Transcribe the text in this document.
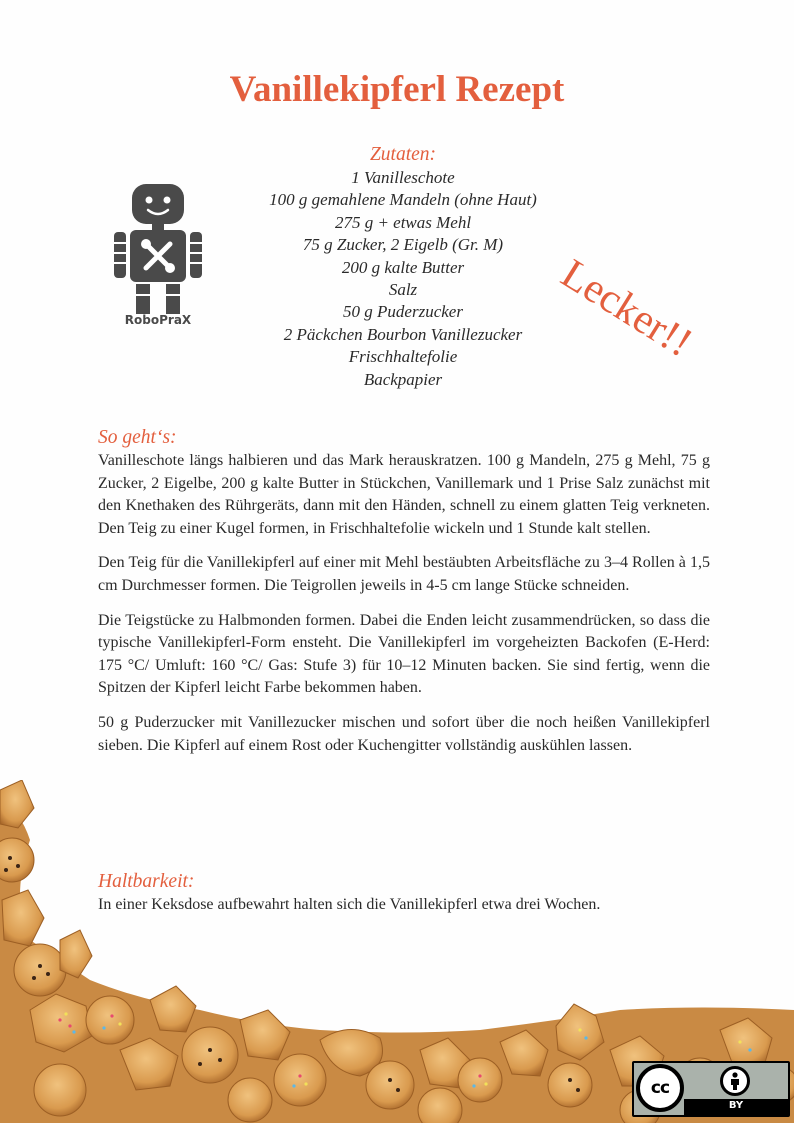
Vanillekipferl Rezept
RoboPraX
Zutaten:
1 Vanilleschote
100 g gemahlene Mandeln (ohne Haut)
275 g + etwas Mehl
75 g Zucker, 2 Eigelb (Gr. M)
200 g kalte Butter
Salz
50 g Puderzucker
2 Päckchen Bourbon Vanillezucker
Frischhaltefolie
Backpapier
Lecker!!
So geht‘s:

Vanilleschote längs halbieren und das Mark herauskratzen. 100 g Mandeln, 275 g Mehl, 75 g Zucker, 2 Eigelbe, 200 g kalte Butter in Stückchen, Vanillemark und 1 Prise Salz zunächst mit den Knethaken des Rührgeräts, dann mit den Händen, schnell zu einem glatten Teig verkneten. Den Teig zu einer Kugel formen, in Frischhaltefolie wickeln und 1 Stunde kalt stellen.

Den Teig für die Vanillekipferl auf einer mit Mehl bestäubten Arbeitsfläche zu 3–4 Rollen à 1,5 cm Durchmesser formen. Die Teigrollen jeweils in 4-5 cm lange Stücke schneiden.

Die Teigstücke zu Halbmonden formen. Dabei die Enden leicht zusammendrücken, so dass die typische Vanillekipferl-Form ensteht. Die Vanillekipferl im vorgeheizten Backofen (E-Herd: 175 °C/ Umluft: 160 °C/ Gas: Stufe 3) für 10–12 Minuten backen. Sie sind fertig, wenn die Spitzen der Kipferl leicht Farbe bekommen haben.

50 g Puderzucker mit Vanillezucker mischen und sofort über die noch heißen Vanillekipferl sieben. Die Kipferl auf einem Rost oder Kuchengitter vollständig auskühlen lassen.

Haltbarkeit:

In einer Keksdose aufbewahrt halten sich die Vanillekipferl etwa drei Wochen.

cc
BY
